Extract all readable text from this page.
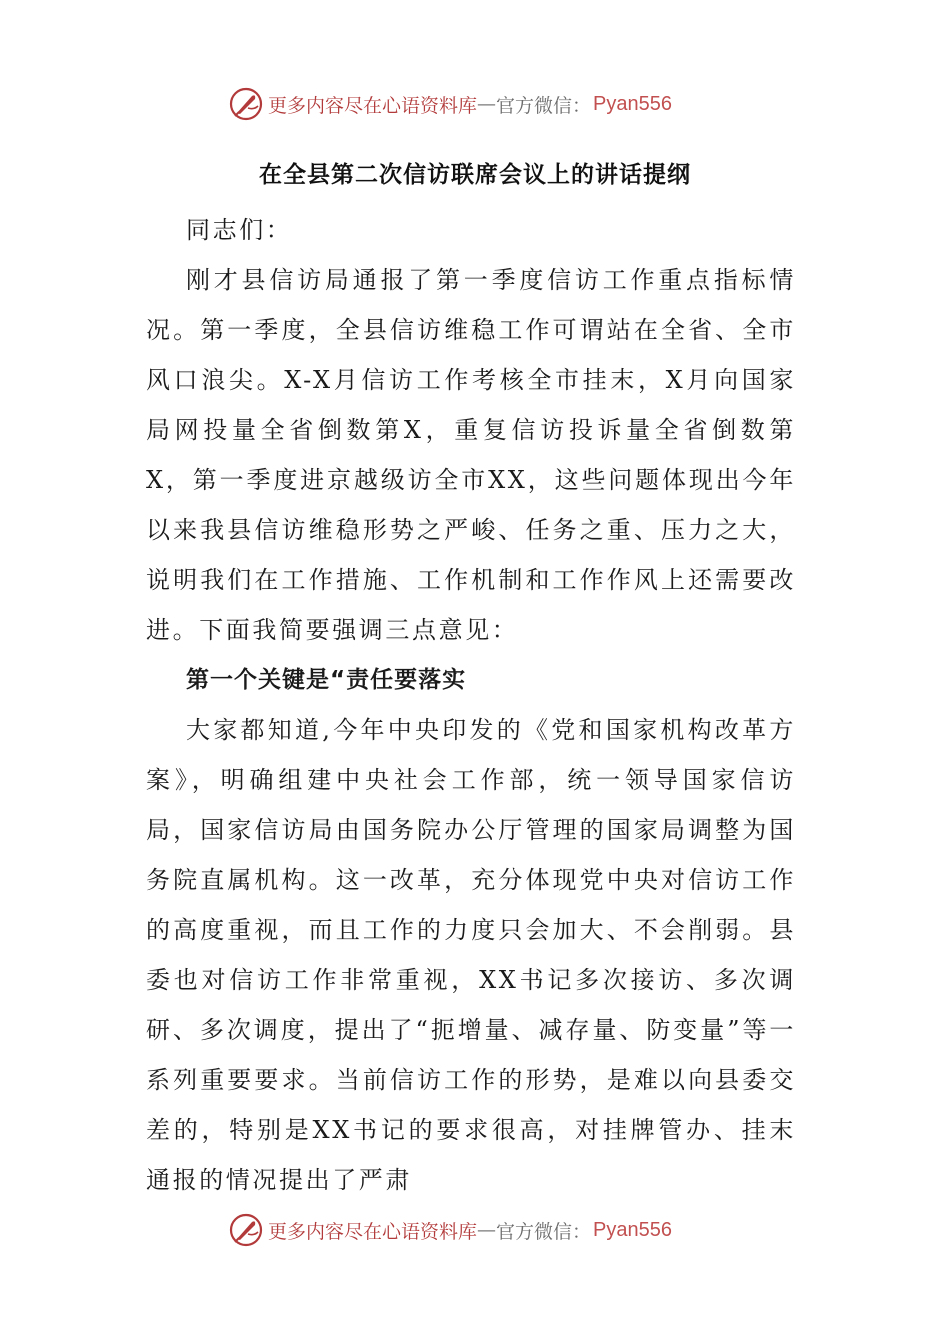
更多内容尽在心语资料库 — 官方微信： Pyan556
在全县第二次信访联席会议上的讲话提纲

同志们：

刚才县信访局通报了第一季度信访工作重点指标情况。第一季度，全县信访维稳工作可谓站在全省、全市风口浪尖。X-X月信访工作考核全市挂末，X月向国家局网投量全省倒数第X，重复信访投诉量全省倒数第X，第一季度进京越级访全市XX，这些问题体现出今年以来我县信访维稳形势之严峻、任务之重、压力之大，说明我们在工作措施、工作机制和工作作风上还需要改进。下面我简要强调三点意见：

第一个关键是“责任要落实

大家都知道,今年中央印发的《党和国家机构改革方案》，明确组建中央社会工作部，统一领导国家信访局，国家信访局由国务院办公厅管理的国家局调整为国务院直属机构。这一改革，充分体现党中央对信访工作的高度重视，而且工作的力度只会加大、不会削弱。县委也对信访工作非常重视，XX书记多次接访、多次调研、多次调度，提出了“扼增量、减存量、防变量”等一系列重要要求。当前信访工作的形势，是难以向县委交差的，特别是XX书记的要求很高，对挂牌管办、挂末通报的情况提出了严肃

更多内容尽在心语资料库 — 官方微信： Pyan556
